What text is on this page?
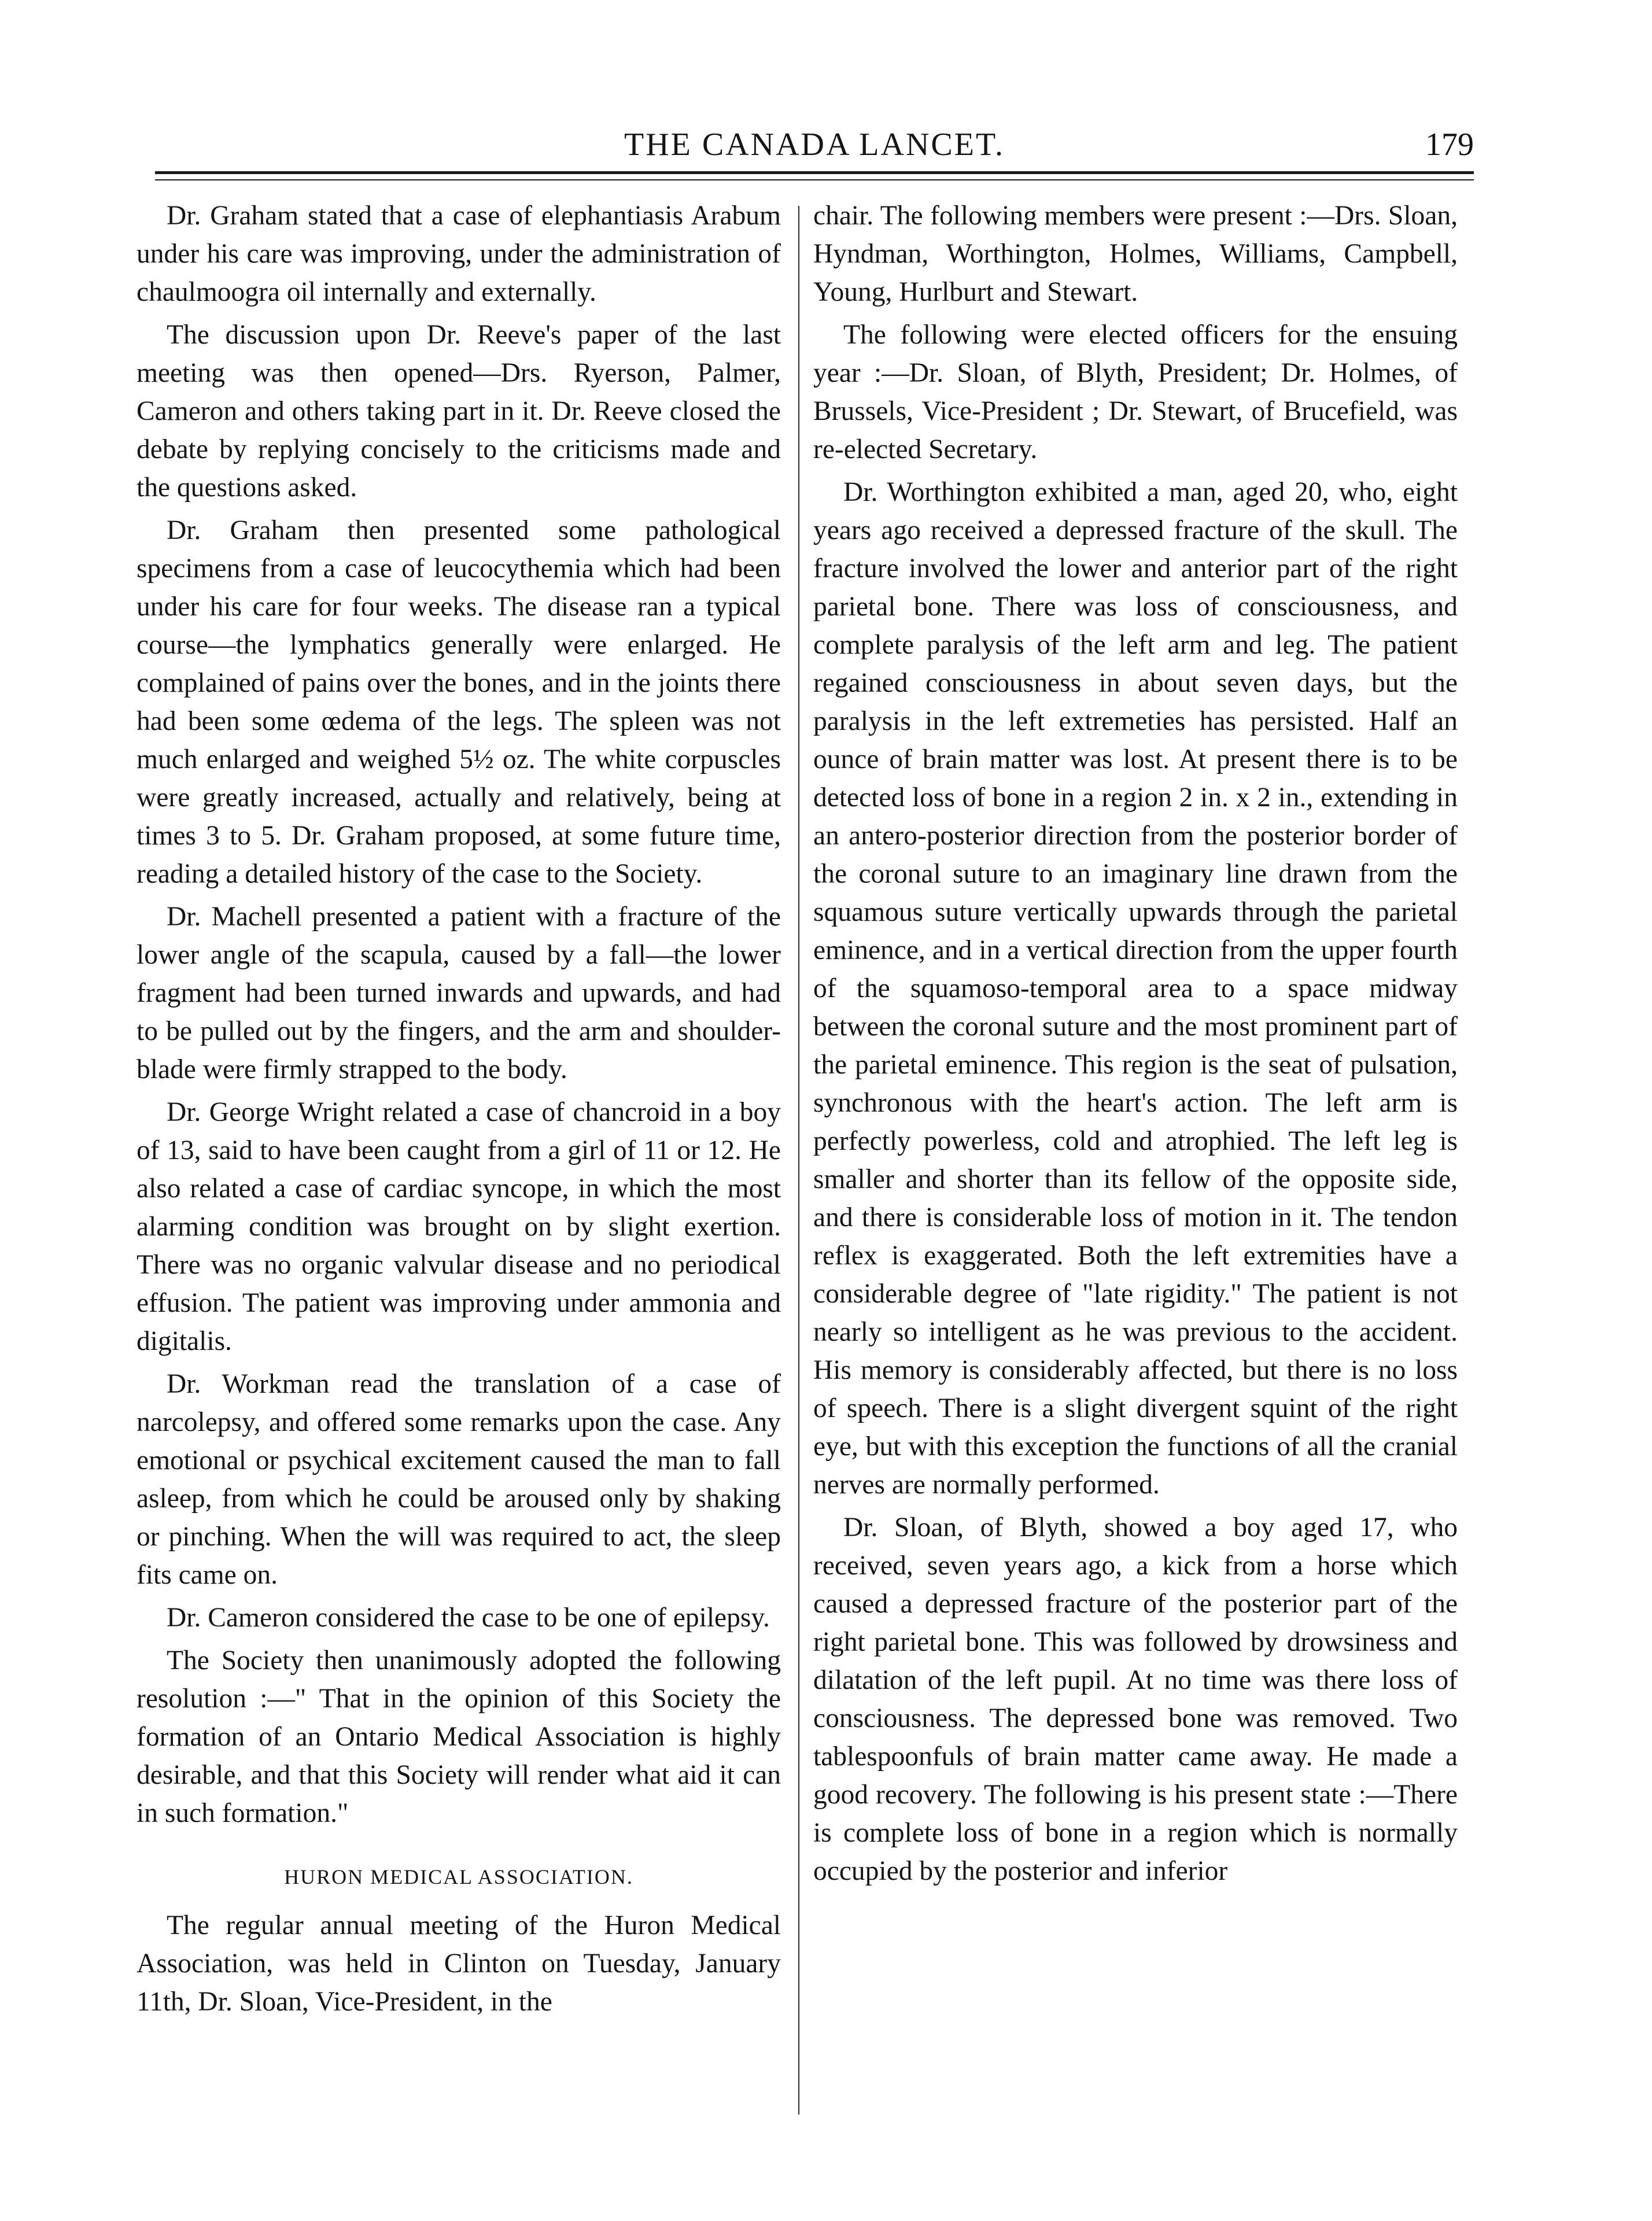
THE CANADA LANCET.	179

Dr. Graham stated that a case of elephantiasis Arabum under his care was improving, under the administration of chaulmoogra oil internally and externally.

The discussion upon Dr. Reeve's paper of the last meeting was then opened—Drs. Ryerson, Palmer, Cameron and others taking part in it. Dr. Reeve closed the debate by replying concisely to the criticisms made and the questions asked.

Dr. Graham then presented some pathological specimens from a case of leucocythemia which had been under his care for four weeks. The disease ran a typical course—the lymphatics generally were enlarged. He complained of pains over the bones, and in the joints there had been some œdema of the legs. The spleen was not much enlarged and weighed 5½ oz. The white corpuscles were greatly increased, actually and relatively, being at times 3 to 5. Dr. Graham proposed, at some future time, reading a detailed history of the case to the Society.

Dr. Machell presented a patient with a fracture of the lower angle of the scapula, caused by a fall—the lower fragment had been turned inwards and upwards, and had to be pulled out by the fingers, and the arm and shoulder-blade were firmly strapped to the body.

Dr. George Wright related a case of chancroid in a boy of 13, said to have been caught from a girl of 11 or 12. He also related a case of cardiac syncope, in which the most alarming condition was brought on by slight exertion. There was no organic valvular disease and no periodical effusion. The patient was improving under ammonia and digitalis.

Dr. Workman read the translation of a case of narcolepsy, and offered some remarks upon the case. Any emotional or psychical excitement caused the man to fall asleep, from which he could be aroused only by shaking or pinching. When the will was required to act, the sleep fits came on.

Dr. Cameron considered the case to be one of epilepsy.

The Society then unanimously adopted the following resolution :—" That in the opinion of this Society the formation of an Ontario Medical Association is highly desirable, and that this Society will render what aid it can in such formation."

HURON MEDICAL ASSOCIATION.

The regular annual meeting of the Huron Medical Association, was held in Clinton on Tuesday, January 11th, Dr. Sloan, Vice-President, in the

chair. The following members were present :—Drs. Sloan, Hyndman, Worthington, Holmes, Williams, Campbell, Young, Hurlburt and Stewart.

The following were elected officers for the ensuing year :—Dr. Sloan, of Blyth, President; Dr. Holmes, of Brussels, Vice-President ; Dr. Stewart, of Brucefield, was re-elected Secretary.

Dr. Worthington exhibited a man, aged 20, who, eight years ago received a depressed fracture of the skull. The fracture involved the lower and anterior part of the right parietal bone. There was loss of consciousness, and complete paralysis of the left arm and leg. The patient regained consciousness in about seven days, but the paralysis in the left extremeties has persisted. Half an ounce of brain matter was lost. At present there is to be detected loss of bone in a region 2 in. x 2 in., extending in an antero-posterior direction from the posterior border of the coronal suture to an imaginary line drawn from the squamous suture vertically upwards through the parietal eminence, and in a vertical direction from the upper fourth of the squamoso-temporal area to a space midway between the coronal suture and the most prominent part of the parietal eminence. This region is the seat of pulsation, synchronous with the heart's action. The left arm is perfectly powerless, cold and atrophied. The left leg is smaller and shorter than its fellow of the opposite side, and there is considerable loss of motion in it. The tendon reflex is exaggerated. Both the left extremities have a considerable degree of "late rigidity." The patient is not nearly so intelligent as he was previous to the accident. His memory is considerably affected, but there is no loss of speech. There is a slight divergent squint of the right eye, but with this exception the functions of all the cranial nerves are normally performed.

Dr. Sloan, of Blyth, showed a boy aged 17, who received, seven years ago, a kick from a horse which caused a depressed fracture of the posterior part of the right parietal bone. This was followed by drowsiness and dilatation of the left pupil. At no time was there loss of consciousness. The depressed bone was removed. Two tablespoonfuls of brain matter came away. He made a good recovery. The following is his present state :—There is complete loss of bone in a region which is normally occupied by the posterior and inferior
